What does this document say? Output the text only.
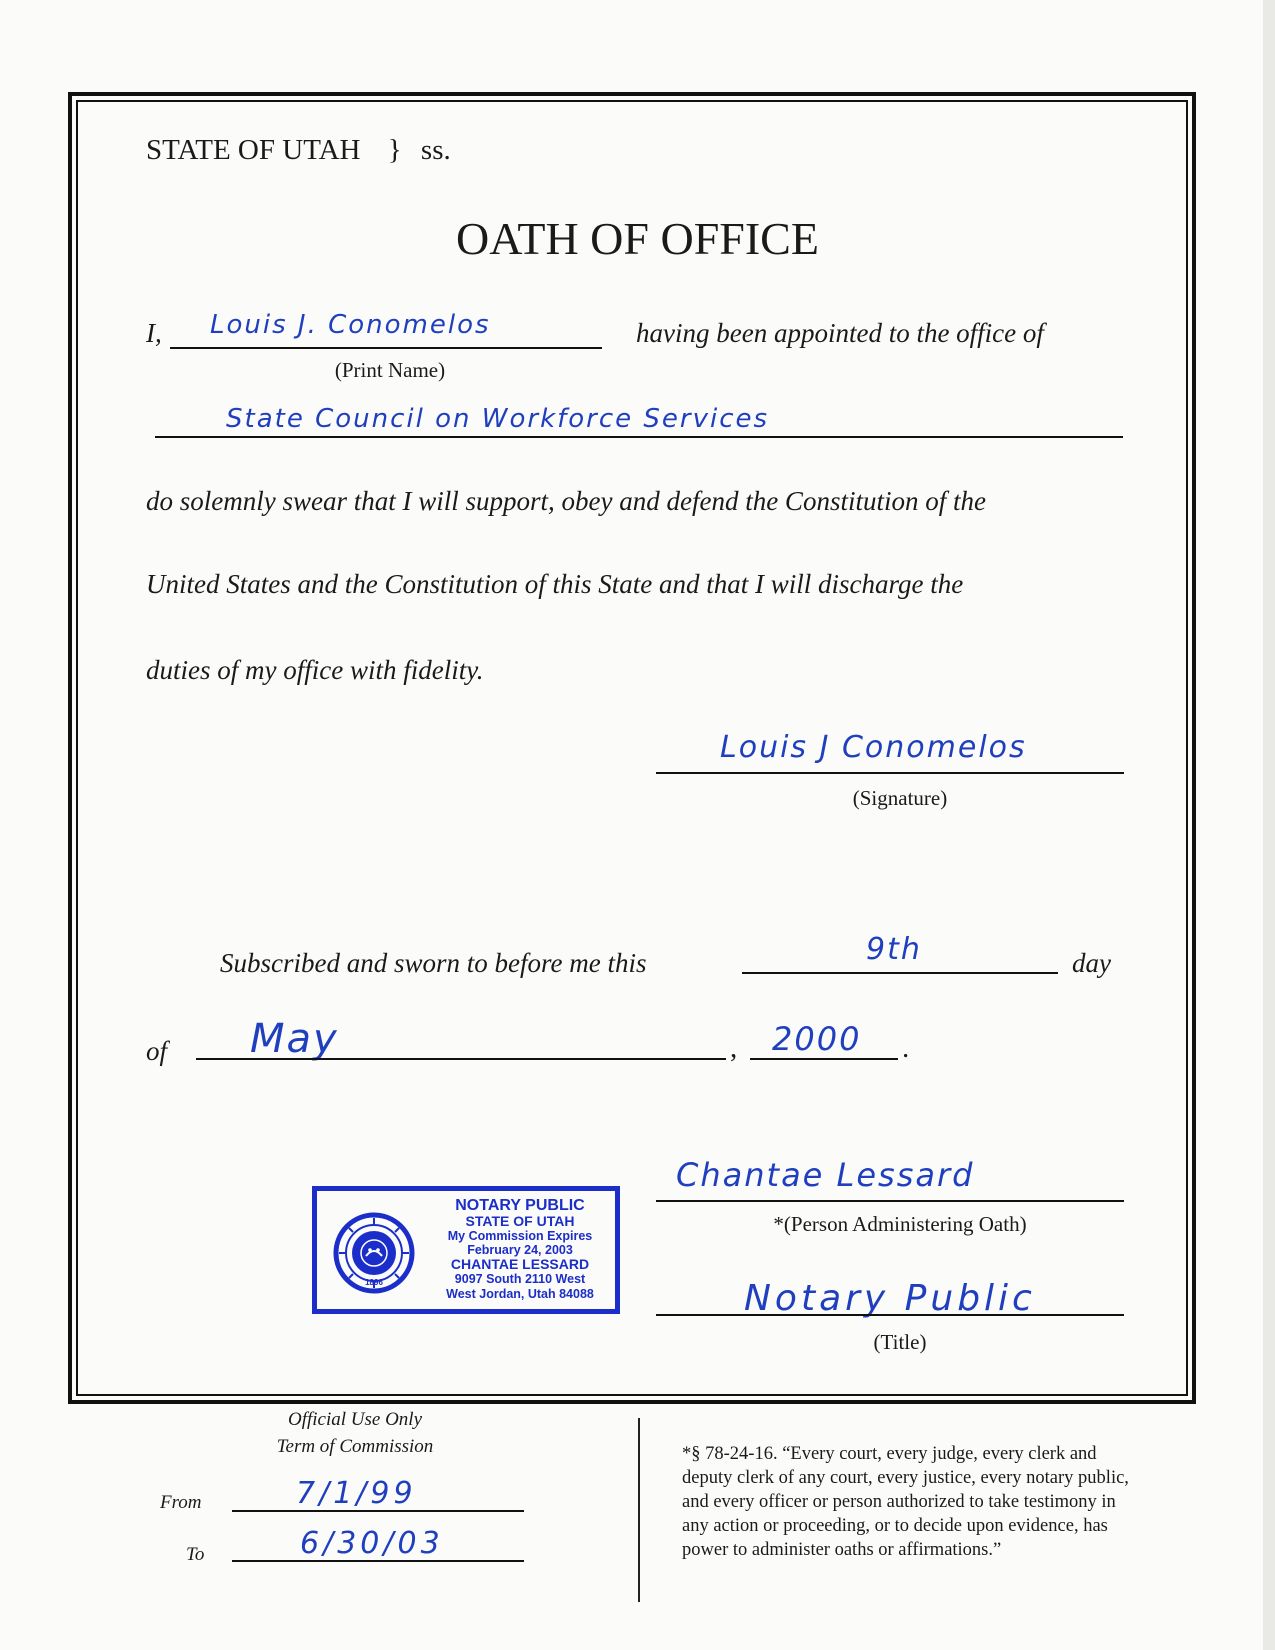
STATE OF UTAH } ss.
OATH OF OFFICE
I, Louis J. Conomelos
(Print Name)
having been appointed to the office of
State Council on Workforce Services
do solemnly swear that I will support, obey and defend the Constitution of the
United States and the Constitution of this State and that I will discharge the
duties of my office with fidelity.
Louis J Conomelos
(Signature)
Subscribed and sworn to before me this	9th	day
of May	, 2000 .
1896
NOTARY PUBLIC
STATE OF UTAH
My Commission Expires
February 24, 2003
CHANTAE LESSARD
9097 South 2110 West
West Jordan, Utah 84088
Chantae Lessard
*(Person Administering Oath)
Notary Public
(Title)
Official Use Only
Term of Commission
From	7/1/99
To	6/30/03
*§ 78-24-16. “Every court, every judge, every clerk and
deputy clerk of any court, every justice, every notary public,
and every officer or person authorized to take testimony in
any action or proceeding, or to decide upon evidence, has
power to administer oaths or affirmations.”
